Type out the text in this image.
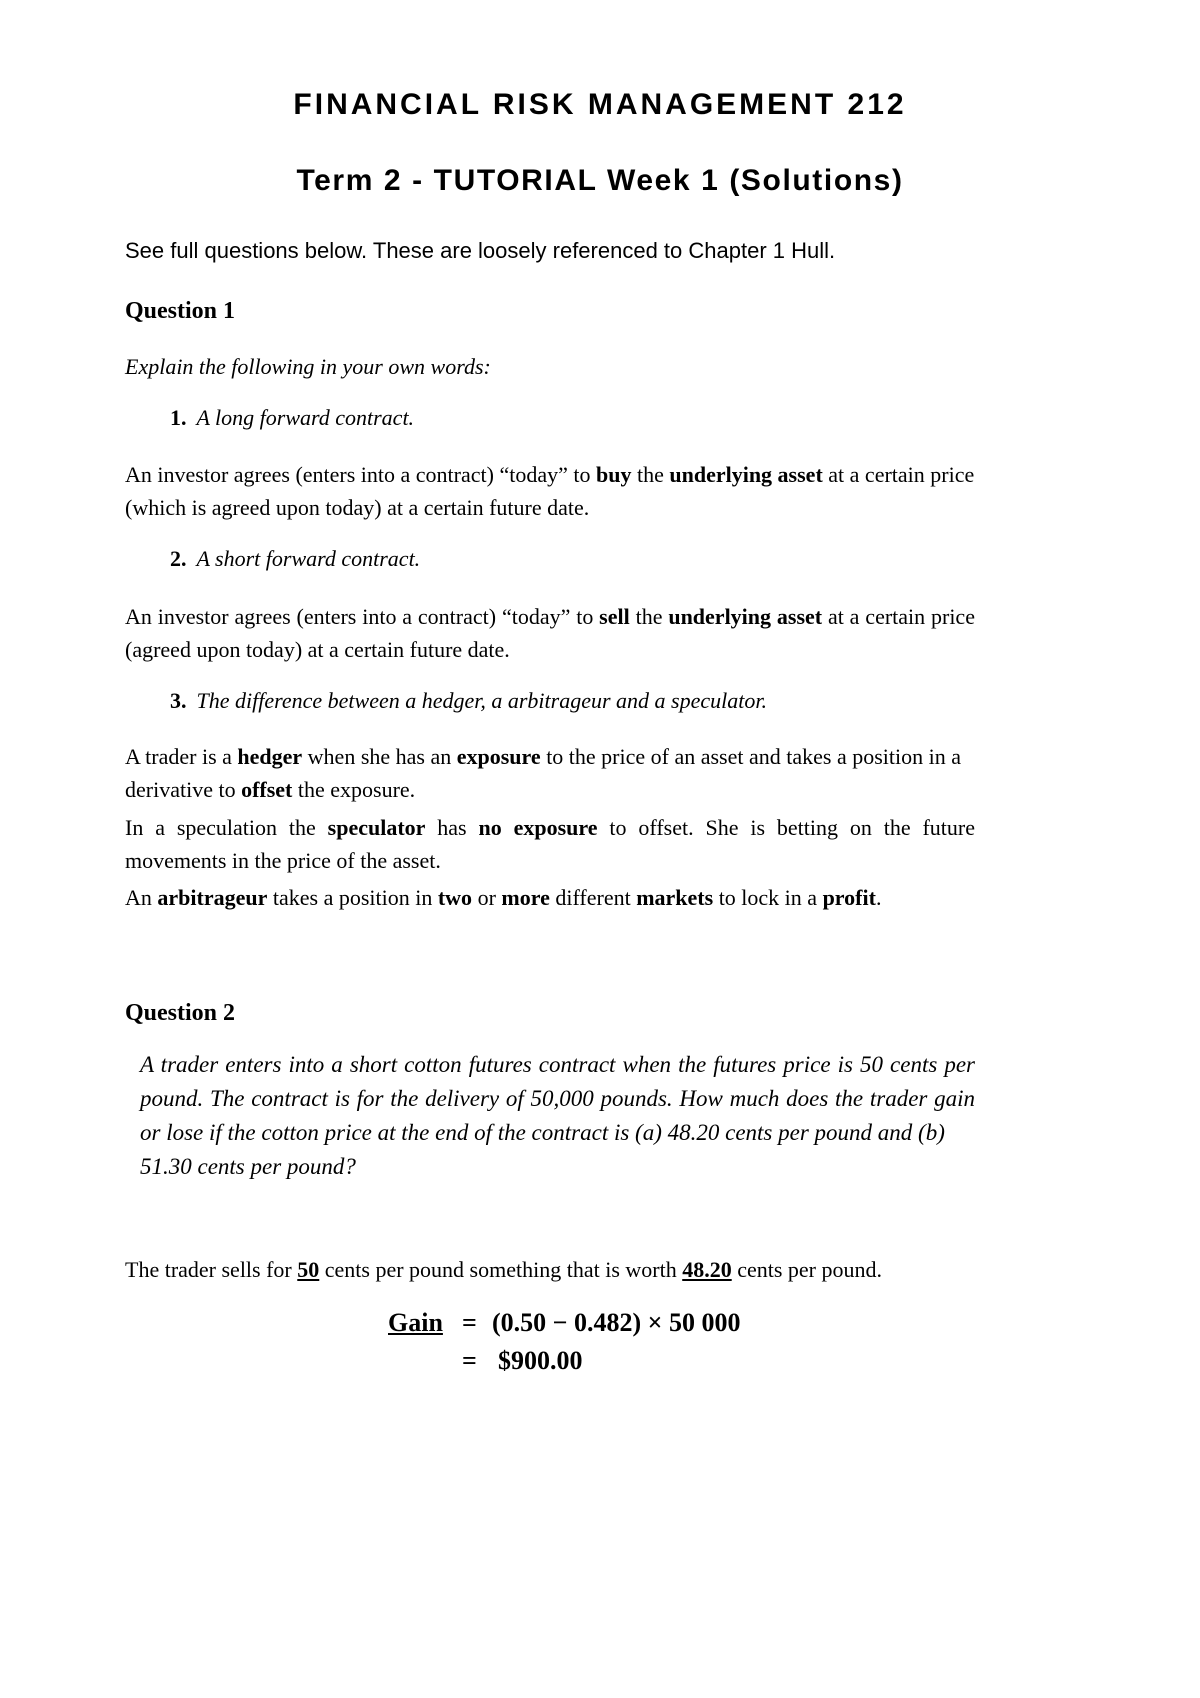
FINANCIAL RISK MANAGEMENT 212
Term 2 - TUTORIAL Week 1 (Solutions)
See full questions below. These are loosely referenced to Chapter 1 Hull.
Question 1
Explain the following in your own words:
1. A long forward contract.
An investor agrees (enters into a contract) “today” to buy the underlying asset at a certain price (which is agreed upon today) at a certain future date.
2. A short forward contract.
An investor agrees (enters into a contract) “today” to sell the underlying asset at a certain price (agreed upon today) at a certain future date.
3. The difference between a hedger, a arbitrageur and a speculator.
A trader is a hedger when she has an exposure to the price of an asset and takes a position in a derivative to offset the exposure.
In a speculation the speculator has no exposure to offset. She is betting on the future movements in the price of the asset.
An arbitrageur takes a position in two or more different markets to lock in a profit.
Question 2
A trader enters into a short cotton futures contract when the futures price is 50 cents per pound. The contract is for the delivery of 50,000 pounds. How much does the trader gain or lose if the cotton price at the end of the contract is (a) 48.20 cents per pound and (b)
51.30 cents per pound?
The trader sells for 50 cents per pound something that is worth 48.20 cents per pound.
Gain = (0.50 − 0.482) × 50 000
= $900.00
